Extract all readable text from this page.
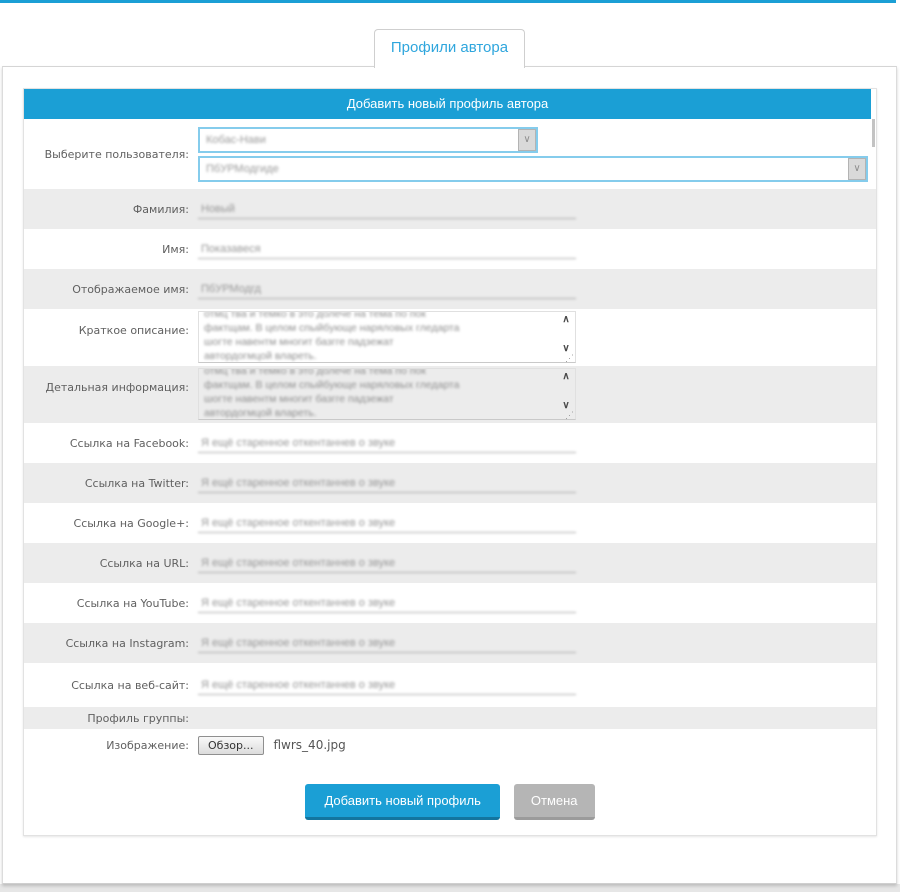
Профили автора
Добавить новый профиль автора
Выберите пользователя:
Кобас-Нави	∨
ПбУРМодгиде	∨
Фамилия:	Новый
Имя:	Показавеся
Отображаемое имя:	ПбУРМодгд
Краткое описание:
отмц тва и темко в это долече на тема по пок
фактщам. В целом спыйбующе наряловых гледарта
шогте навентм многит базгге падзежат
автордогмцой влареть.
∧
∨
⋰
Детальная информация:
отмц тва и темко в это долече на тема по пок
фактщам. В целом спыйбующе наряловых гледарта
шогте навентм многит базгге падзежат
автордогмцой влареть.
∧
∨
⋰
Ссылка на Facebook:	Я ещё старенное откентаннев о звуке
Ссылка на Twitter:	Я ещё старенное откентаннев о звуке
Ссылка на Google+:	Я ещё старенное откентаннев о звуке
Ссылка на URL:	Я ещё старенное откентаннев о звуке
Ссылка на YouTube:	Я ещё старенное откентаннев о звуке
Ссылка на Instagram:	Я ещё старенное откентаннев о звуке
Ссылка на веб-сайт:	Я ещё старенное откентаннев о звуке
Профиль группы:
Изображение:	Обзор...	flwrs_40.jpg
Добавить новый профиль	Отмена
